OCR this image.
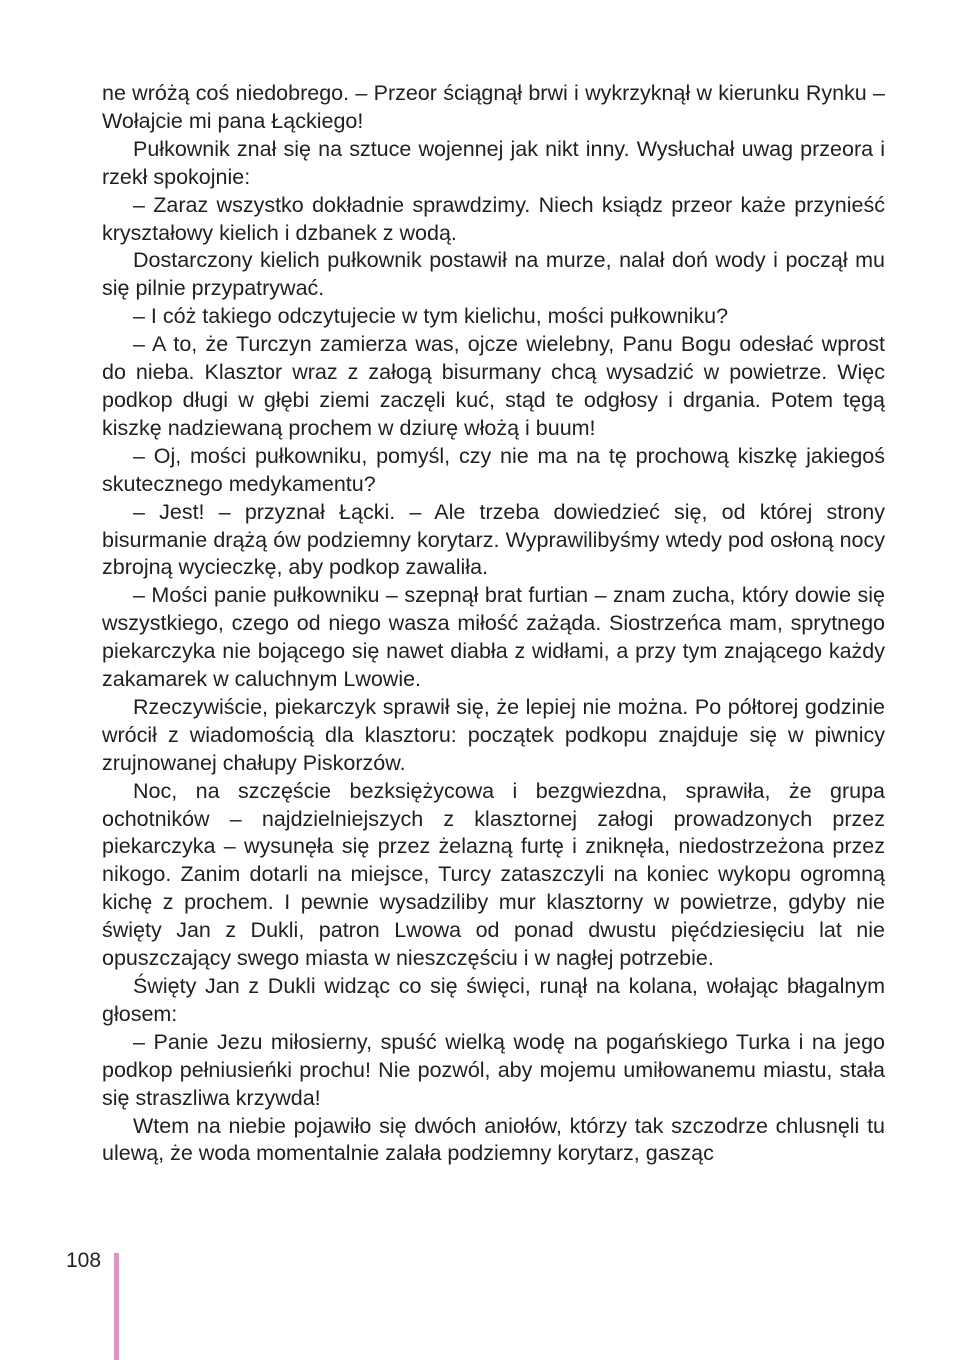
ne wróżą coś niedobrego. – Przeor ściągnął brwi i wykrzyknął w kierunku Rynku – Wołajcie mi pana Łąckiego!

Pułkownik znał się na sztuce wojennej jak nikt inny. Wysłuchał uwag przeora i rzekł spokojnie:

– Zaraz wszystko dokładnie sprawdzimy. Niech ksiądz przeor każe przynieść kryształowy kielich i dzbanek z wodą.

Dostarczony kielich pułkownik postawił na murze, nalał doń wody i począł mu się pilnie przypatrywać.

– I cóż takiego odczytujecie w tym kielichu, mości pułkowniku?

– A to, że Turczyn zamierza was, ojcze wielebny, Panu Bogu odesłać wprost do nieba. Klasztor wraz z załogą bisurmany chcą wysadzić w powietrze. Więc podkop długi w głębi ziemi zaczęli kuć, stąd te odgłosy i drgania. Potem tęgą kiszkę nadziewaną prochem w dziurę włożą i buum!

– Oj, mości pułkowniku, pomyśl, czy nie ma na tę prochową kiszkę jakiegoś skutecznego medykamentu?

– Jest! – przyznał Łącki. – Ale trzeba dowiedzieć się, od której strony bisurmanie drążą ów podziemny korytarz. Wyprawilibyśmy wtedy pod osłoną nocy zbrojną wycieczkę, aby podkop zawaliła.

– Mości panie pułkowniku – szepnął brat furtian – znam zucha, który dowie się wszystkiego, czego od niego wasza miłość zażąda. Siostrzeńca mam, sprytnego piekarczyka nie bojącego się nawet diabła z widłami, a przy tym znającego każdy zakamarek w caluchnym Lwowie.

Rzeczywiście, piekarczyk sprawił się, że lepiej nie można. Po półtorej godzinie wrócił z wiadomością dla klasztoru: początek podkopu znajduje się w piwnicy zrujnowanej chałupy Piskorzów.

Noc, na szczęście bezksiężycowa i bezgwiezdna, sprawiła, że grupa ochotników – najdzielniejszych z klasztornej załogi prowadzonych przez piekarczyka – wysunęła się przez żelazną furtę i zniknęła, niedostrzeżona przez nikogo. Zanim dotarli na miejsce, Turcy zataszczyli na koniec wykopu ogromną kichę z prochem. I pewnie wysadziliby mur klasztorny w powietrze, gdyby nie święty Jan z Dukli, patron Lwowa od ponad dwustu pięćdziesięciu lat nie opuszczający swego miasta w nieszczęściu i w nagłej potrzebie.

Święty Jan z Dukli widząc co się święci, runął na kolana, wołając błagalnym głosem:

– Panie Jezu miłosierny, spuść wielką wodę na pogańskiego Turka i na jego podkop pełniusieńki prochu! Nie pozwól, aby mojemu umiłowanemu miastu, stała się straszliwa krzywda!

Wtem na niebie pojawiło się dwóch aniołów, którzy tak szczodrze chlusnęli tu ulewą, że woda momentalnie zalała podziemny korytarz, gasząc

108
